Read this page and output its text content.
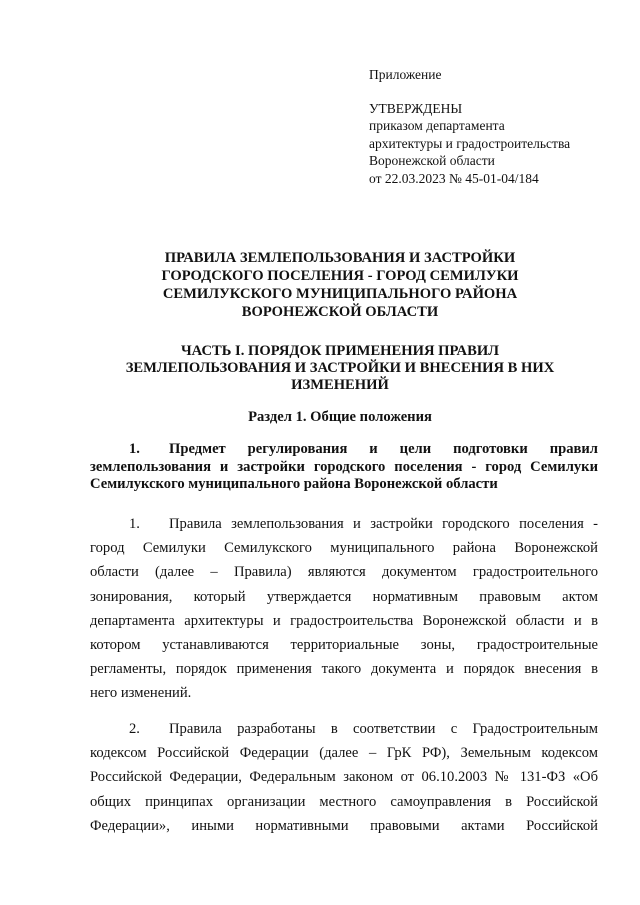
Приложение
УТВЕРЖДЕНЫ
приказом департамента
архитектуры и градостроительства
Воронежской области
от 22.03.2023 № 45-01-04/184
ПРАВИЛА ЗЕМЛЕПОЛЬЗОВАНИЯ И ЗАСТРОЙКИ
ГОРОДСКОГО ПОСЕЛЕНИЯ - ГОРОД СЕМИЛУКИ
СЕМИЛУКСКОГО МУНИЦИПАЛЬНОГО РАЙОНА
ВОРОНЕЖСКОЙ ОБЛАСТИ
ЧАСТЬ I. ПОРЯДОК ПРИМЕНЕНИЯ ПРАВИЛ
ЗЕМЛЕПОЛЬЗОВАНИЯ И ЗАСТРОЙКИ И ВНЕСЕНИЯ В НИХ
ИЗМЕНЕНИЙ
Раздел 1. Общие положения
1. Предмет регулирования и цели подготовки правил
землепользования и застройки городского поселения - город Семилуки
Семилукского муниципального района Воронежской области
1. Правила землепользования и застройки городского поселения -
город Семилуки Семилукского муниципального района Воронежской
области (далее – Правила) являются документом градостроительного
зонирования, который утверждается нормативным правовым актом
департамента архитектуры и градостроительства Воронежской области и в
котором устанавливаются территориальные зоны, градостроительные
регламенты, порядок применения такого документа и порядок внесения в
него изменений.
2. Правила разработаны в соответствии с Градостроительным
кодексом Российской Федерации (далее – ГрК РФ), Земельным кодексом
Российской Федерации, Федеральным законом от 06.10.2003 № 131-ФЗ «Об
общих принципах организации местного самоуправления в Российской
Федерации», иными нормативными правовыми актами Российской
